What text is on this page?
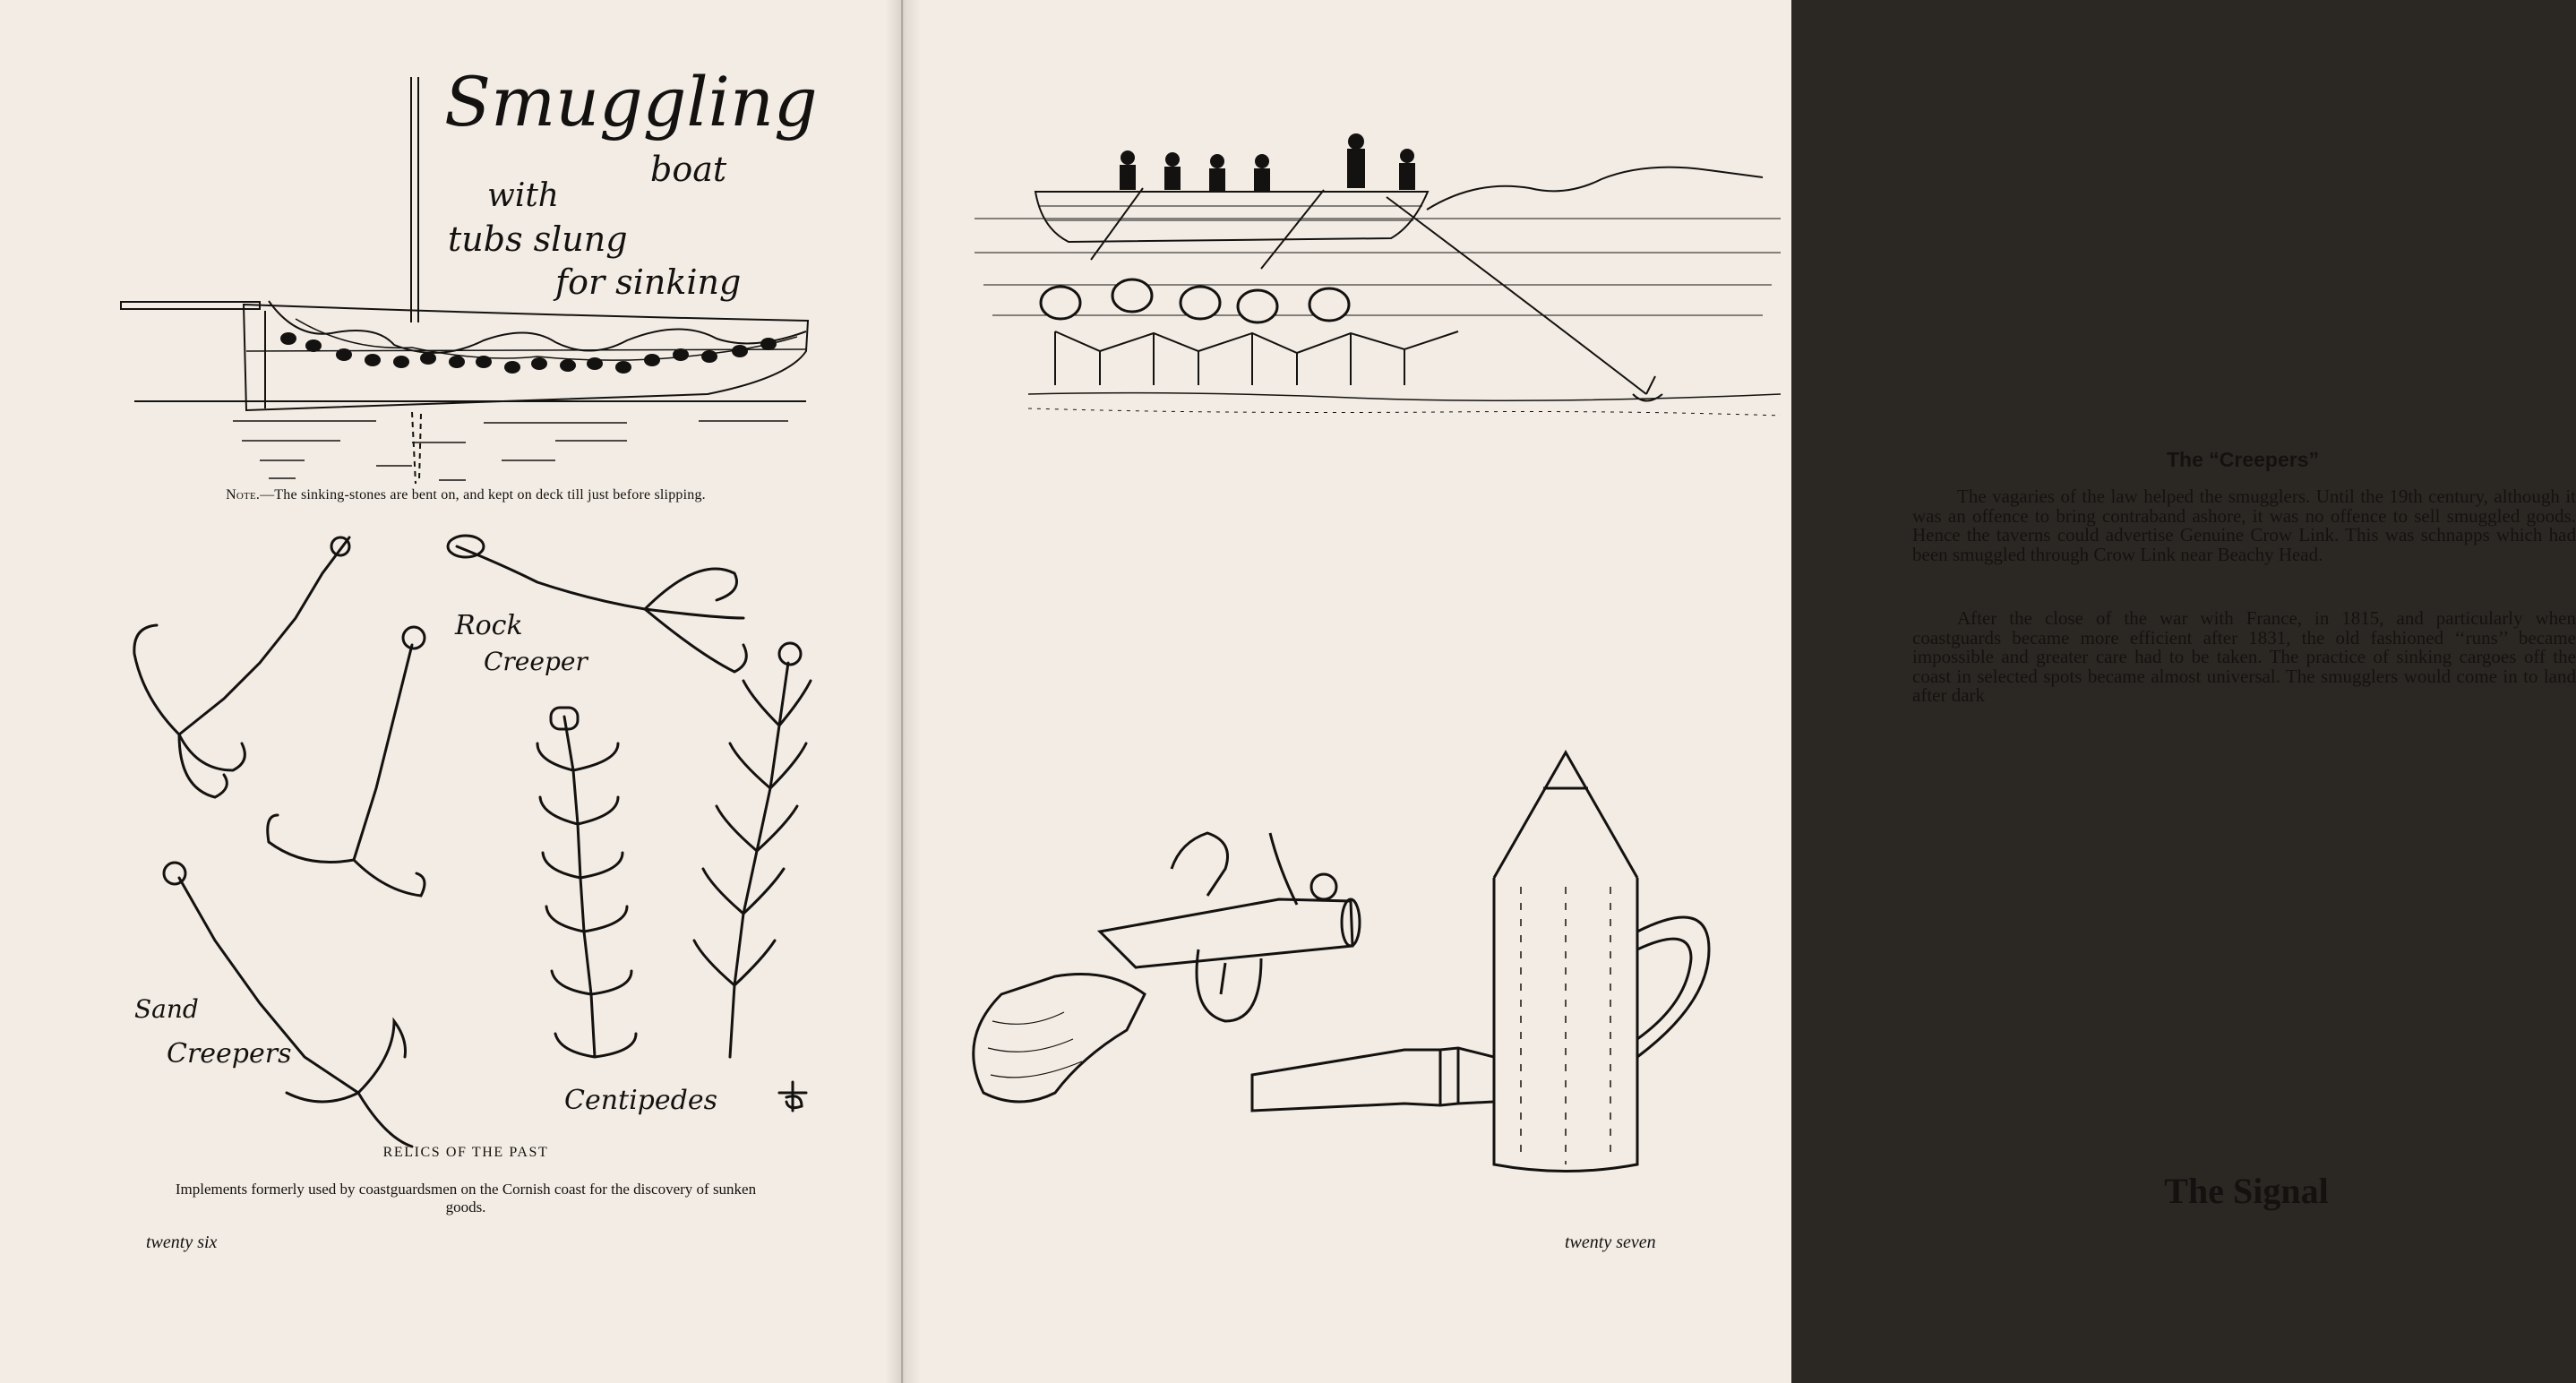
Smuggling
boat
with
tubs slung
for sinking
Note.—The sinking-stones are bent on, and kept on deck till just before slipping.
Rock
Creeper
Sand
Creepers
Centipedes
RELICS OF THE PAST
Implements formerly used by coastguardsmen on the Cornish coast for the discovery of sunken goods.
twenty six
The “Creepers”

The vagaries of the law helped the smugglers. Until the 19th century, although it was an offence to bring contraband ashore, it was no offence to sell smuggled goods. Hence the taverns could advertise Genuine Crow Link. This was schnapps which had been smuggled through Crow Link near Beachy Head.

After the close of the war with France, in 1815, and particularly when coastguards became more efficient after 1831, the old fashioned ‘‘runs’’ became impossible and greater care had to be taken. The practice of sinking cargoes off the coast in selected spots became almost universal. The smugglers would come in to land after dark

The Signal
twenty seven
